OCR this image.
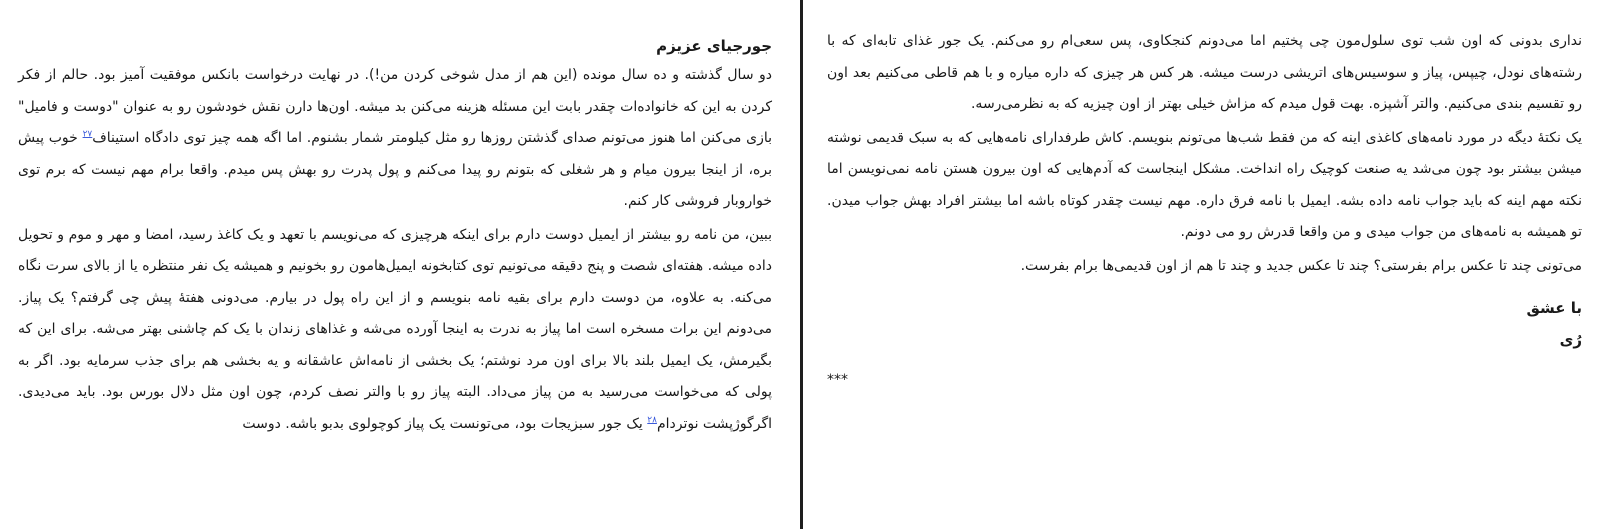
جورجیای عزیزم

دو سال گذشته و ده سال مونده (این هم از مدل شوخی کردن من!). در نهایت درخواست بانکس موفقیت آمیز بود. حالم از فکر کردن به این که خانواده‌ات چقدر بابت این مسئله هزینه می‌کنن بد میشه. اون‌ها دارن نقش خودشون رو به عنوان "دوست و فامیل" بازی می‌کنن اما هنوز می‌تونم صدای گذشتن روزها رو مثل کیلومتر شمار بشنوم. اما اگه همه چیز توی دادگاه استیناف$^{۲۷}$ خوب پیش بره، از اینجا بیرون میام و هر شغلی که بتونم رو پیدا می‌کنم و پول پدرت رو بهش پس میدم. واقعا برام مهم نیست که برم توی خواروبار فروشی کار کنم.

ببین، من نامه رو بیشتر از ایمیل دوست دارم برای اینکه هرچیزی که می‌نویسم با تعهد و یک کاغذ رسید، امضا و مهر و موم و تحویل داده میشه. هفته‌ای شصت و پنج دقیقه می‌تونیم توی کتابخونه ایمیل‌هامون رو بخونیم و همیشه یک نفر منتظره یا از بالای سرت نگاه می‌کنه. به علاوه، من دوست دارم برای بقیه نامه بنویسم و از این راه پول در بیارم. می‌دونی هفتهٔ پیش چی گرفتم؟ یک پیاز. می‌دونم این برات مسخره است اما پیاز به ندرت به اینجا آورده می‌شه و غذاهای زندان با یک کم چاشنی بهتر می‌شه. برای این که بگیرمش، یک ایمیل بلند بالا برای اون مرد نوشتم؛ یک بخشی از نامه‌اش عاشقانه و یه بخشی هم برای جذب سرمایه بود. اگر به پولی که می‌خواست می‌رسید به من پیاز می‌داد. البته پیاز رو با والتر نصف کردم، چون اون مثل دلال بورس بود. باید می‌دیدی. اگرگوژپشت نوتردام$^{۲۸}$ یک جور سبزیجات بود، می‌تونست یک پیاز کوچولوی بدبو باشه. دوست

نداری بدونی که اون شب توی سلول‌مون چی پختیم اما می‌دونم کنجکاوی، پس سعی‌ام رو می‌کنم. یک جور غذای تابه‌ای که با رشته‌های نودل، چیپس، پیاز و سوسیس‌های اتریشی درست میشه. هر کس هر چیزی که داره میاره و با هم قاطی می‌کنیم بعد اون رو تقسیم بندی می‌کنیم. والتر آشپزه. بهت قول میدم که مزاش خیلی بهتر از اون چیزیه که به نظرمی‌رسه.

یک نکتهٔ دیگه در مورد نامه‌های کاغذی اینه که من فقط شب‌ها می‌تونم بنویسم. کاش طرفدارای نامه‌هایی که به سبک قدیمی نوشته میشن بیشتر بود چون می‌شد یه صنعت کوچیک راه انداخت. مشکل اینجاست که آدم‌هایی که اون بیرون هستن نامه نمی‌نویسن اما نکته مهم اینه که باید جواب نامه داده بشه. ایمیل با نامه فرق داره. مهم نیست چقدر کوتاه باشه اما بیشتر افراد بهش جواب میدن. تو همیشه به نامه‌های من جواب میدی و من واقعا قدرش رو می دونم.

می‌تونی چند تا عکس برام بفرستی؟ چند تا عکس جدید و چند تا هم از اون قدیمی‌ها برام بفرست.

با عشق

رُی

***
